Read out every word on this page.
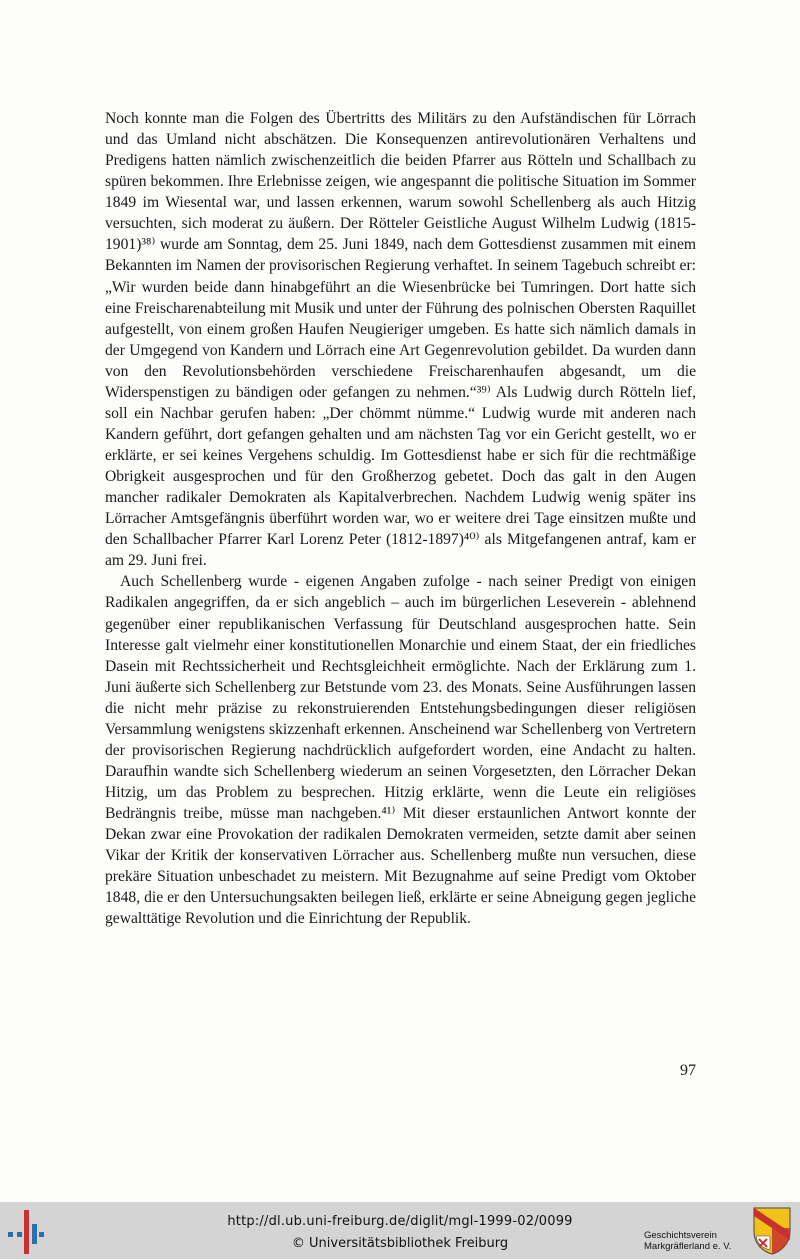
Noch konnte man die Folgen des Übertritts des Militärs zu den Aufständischen für Lörrach und das Umland nicht abschätzen. Die Konsequenzen antirevolutionären Verhaltens und Predigens hatten nämlich zwischenzeitlich die beiden Pfarrer aus Rötteln und Schallbach zu spüren bekommen. Ihre Erlebnisse zeigen, wie angespannt die politische Situation im Sommer 1849 im Wiesental war, und lassen erkennen, warum sowohl Schellenberg als auch Hitzig versuchten, sich moderat zu äußern. Der Rötteler Geistliche August Wilhelm Ludwig (1815-1901)³⁸⁾ wurde am Sonntag, dem 25. Juni 1849, nach dem Gottesdienst zusammen mit einem Bekannten im Namen der provisorischen Regierung verhaftet. In seinem Tagebuch schreibt er: „Wir wurden beide dann hinabgeführt an die Wiesenbrücke bei Tumringen. Dort hatte sich eine Freischarenabteilung mit Musik und unter der Führung des polnischen Obersten Raquillet aufgestellt, von einem großen Haufen Neugieriger umgeben. Es hatte sich nämlich damals in der Umgegend von Kandern und Lörrach eine Art Gegenrevolution gebildet. Da wurden dann von den Revolutionsbehörden verschiedene Freischarenhaufen abgesandt, um die Widerspenstigen zu bändigen oder gefangen zu nehmen.“³⁹⁾ Als Ludwig durch Rötteln lief, soll ein Nachbar gerufen haben: „Der chömmt nümme.“ Ludwig wurde mit anderen nach Kandern geführt, dort gefangen gehalten und am nächsten Tag vor ein Gericht gestellt, wo er erklärte, er sei keines Vergehens schuldig. Im Gottesdienst habe er sich für die rechtmäßige Obrigkeit ausgesprochen und für den Großherzog gebetet. Doch das galt in den Augen mancher radikaler Demokraten als Kapitalverbrechen. Nachdem Ludwig wenig später ins Lörracher Amtsgefängnis überführt worden war, wo er weitere drei Tage einsitzen mußte und den Schallbacher Pfarrer Karl Lorenz Peter (1812-1897)⁴⁰⁾ als Mitgefangenen antraf, kam er am 29. Juni frei.

Auch Schellenberg wurde - eigenen Angaben zufolge - nach seiner Predigt von einigen Radikalen angegriffen, da er sich angeblich – auch im bürgerlichen Leseverein - ablehnend gegenüber einer republikanischen Verfassung für Deutschland ausgesprochen hatte. Sein Interesse galt vielmehr einer konstitutionellen Monarchie und einem Staat, der ein friedliches Dasein mit Rechtssicherheit und Rechtsgleichheit ermöglichte. Nach der Erklärung zum 1. Juni äußerte sich Schellenberg zur Betstunde vom 23. des Monats. Seine Ausführungen lassen die nicht mehr präzise zu rekonstruierenden Entstehungsbedingungen dieser religiösen Versammlung wenigstens skizzenhaft erkennen. Anscheinend war Schellenberg von Vertretern der provisorischen Regierung nachdrücklich aufgefordert worden, eine Andacht zu halten. Daraufhin wandte sich Schellenberg wiederum an seinen Vorgesetzten, den Lörracher Dekan Hitzig, um das Problem zu besprechen. Hitzig erklärte, wenn die Leute ein religiöses Bedrängnis treibe, müsse man nachgeben.⁴¹⁾ Mit dieser erstaunlichen Antwort konnte der Dekan zwar eine Provokation der radikalen Demokraten vermeiden, setzte damit aber seinen Vikar der Kritik der konservativen Lörracher aus. Schellenberg mußte nun versuchen, diese prekäre Situation unbeschadet zu meistern. Mit Bezugnahme auf seine Predigt vom Oktober 1848, die er den Untersuchungsakten beilegen ließ, erklärte er seine Abneigung gegen jegliche gewalttätige Revolution und die Einrichtung der Republik.

97
http://dl.ub.uni-freiburg.de/diglit/mgl-1999-02/0099
© Universitätsbibliothek Freiburg
Geschichtsverein
Markgräflerland e. V.
